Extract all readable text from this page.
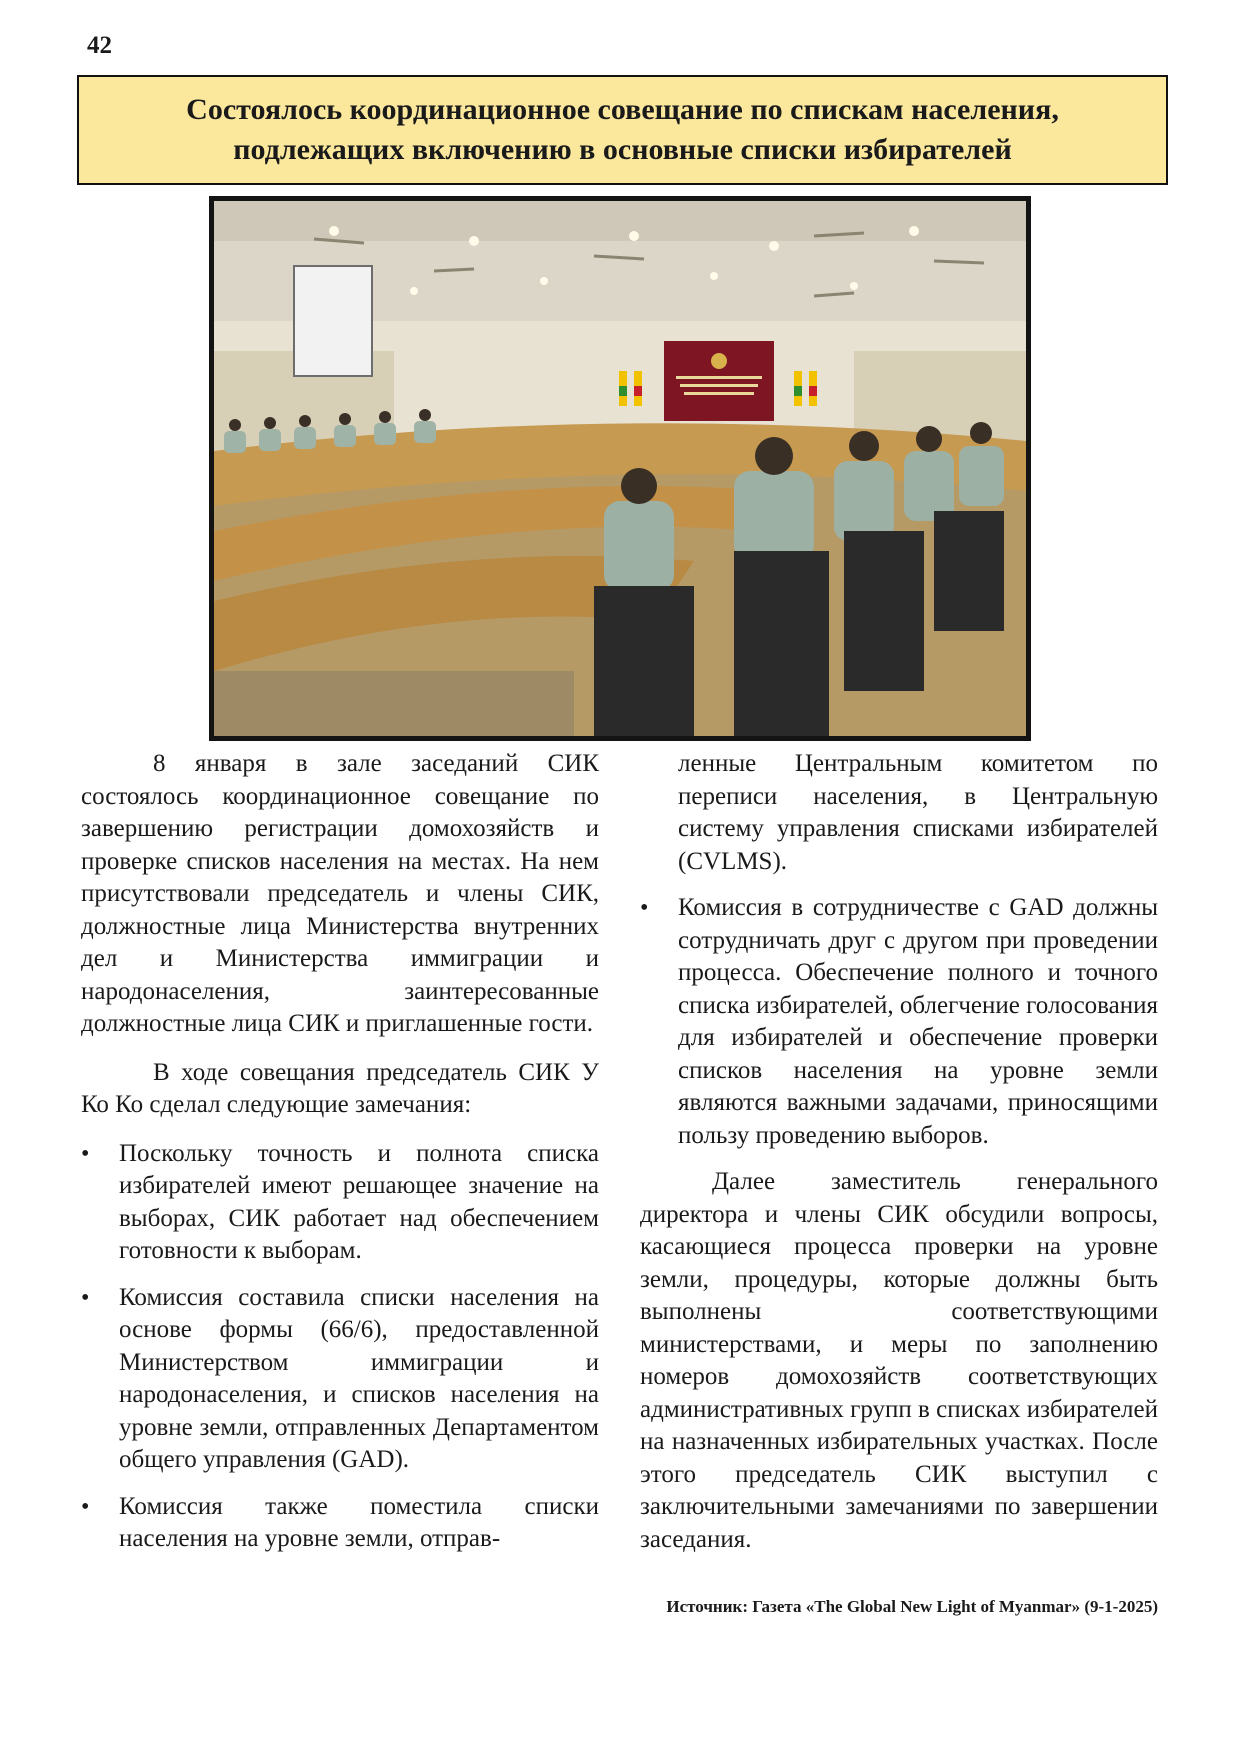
42
Состоялось координационное совещание по спискам населения, подлежащих включению в основные списки избирателей

8 января в зале заседаний СИК состоялось координационное совещание по завершению регистрации домохозяйств и проверке списков населения на местах. На нем присутствовали председатель и члены СИК, должностные лица Министерства внутренних дел и Министерства иммиграции и народонаселения, заинтересованные должностные лица СИК и приглашенные гости.

В ходе совещания председатель СИК У Ко Ко сделал следующие замечания:

• Поскольку точность и полнота списка избирателей имеют решающее значение на выборах, СИК работает над обеспечением готовности к выборам.
• Комиссия составила списки населения на основе формы (66/6), предоставленной Министерством иммиграции и народонаселения, и списков населения на уровне земли, отправленных Департаментом общего управления (GAD).
• Комиссия также поместила списки населения на уровне земли, отправ-
ленные Центральным комитетом по переписи населения, в Центральную систему управления списками избирателей (CVLMS).
• Комиссия в сотрудничестве с GAD должны сотрудничать друг с другом при проведении процесса. Обеспечение полного и точного списка избирателей, облегчение голосования для избирателей и обеспечение проверки списков населения на уровне земли являются важными задачами, приносящими пользу проведению выборов.

Далее заместитель генерального директора и члены СИК обсудили вопросы, касающиеся процесса проверки на уровне земли, процедуры, которые должны быть выполнены соответствующими министерствами, и меры по заполнению номеров домохозяйств соответствующих административных групп в списках избирателей на назначенных избирательных участках. После этого председатель СИК выступил с заключительными замечаниями по завершении заседания.

Источник: Газета «The Global New Light of Myanmar» (9-1-2025)
